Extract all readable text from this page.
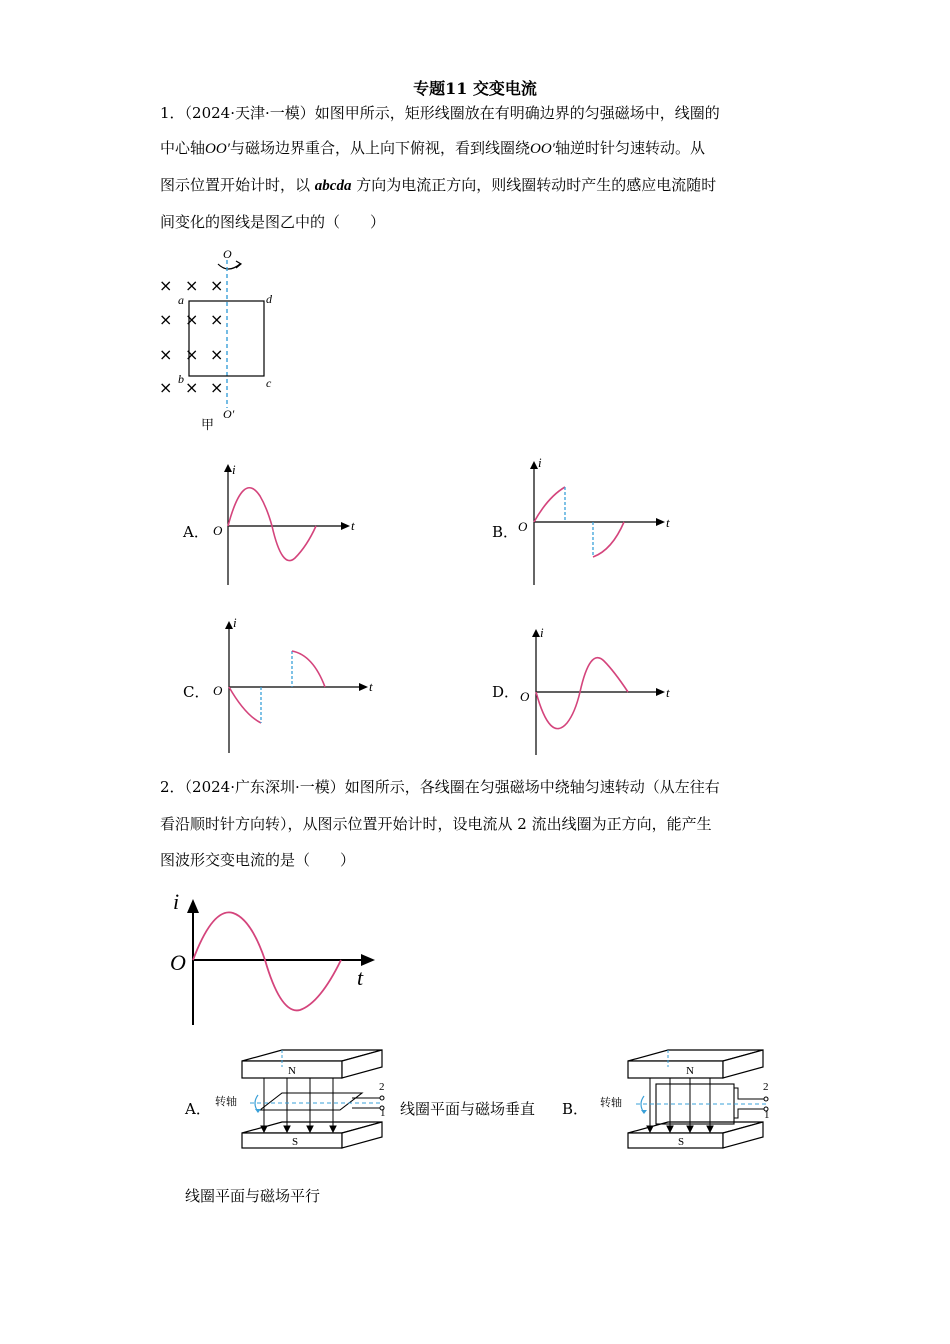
专题11 交变电流
1．（2024·天津·一模）如图甲所示，矩形线圈放在有明确边界的匀强磁场中，线圈的
中心轴OO′与磁场边界重合，从上向下俯视，看到线圈绕OO′轴逆时针匀速转动。从
图示位置开始计时，以 abcda 方向为电流正方向，则线圈转动时产生的感应电流随时
间变化的图线是图乙中的（　　）
× × ×
× × ×
× × ×
× × ×
O
O′
a
b	c
d
甲
A．
i
t
O	B．
i
t
O
C．
i
t
O	D．
i
t
O
2．（2024·广东深圳·一模）如图所示，各线圈在匀强磁场中绕轴匀速转动（从左往右
看沿顺时针方向转），从图示位置开始计时，设电流从 2 流出线圈为正方向，能产生
图波形交变电流的是（　　）
i
O
t
A．
N
S
2
1
转轴	线圈平面与磁场垂直 B．
N
S
2
1
转轴
线圈平面与磁场平行
